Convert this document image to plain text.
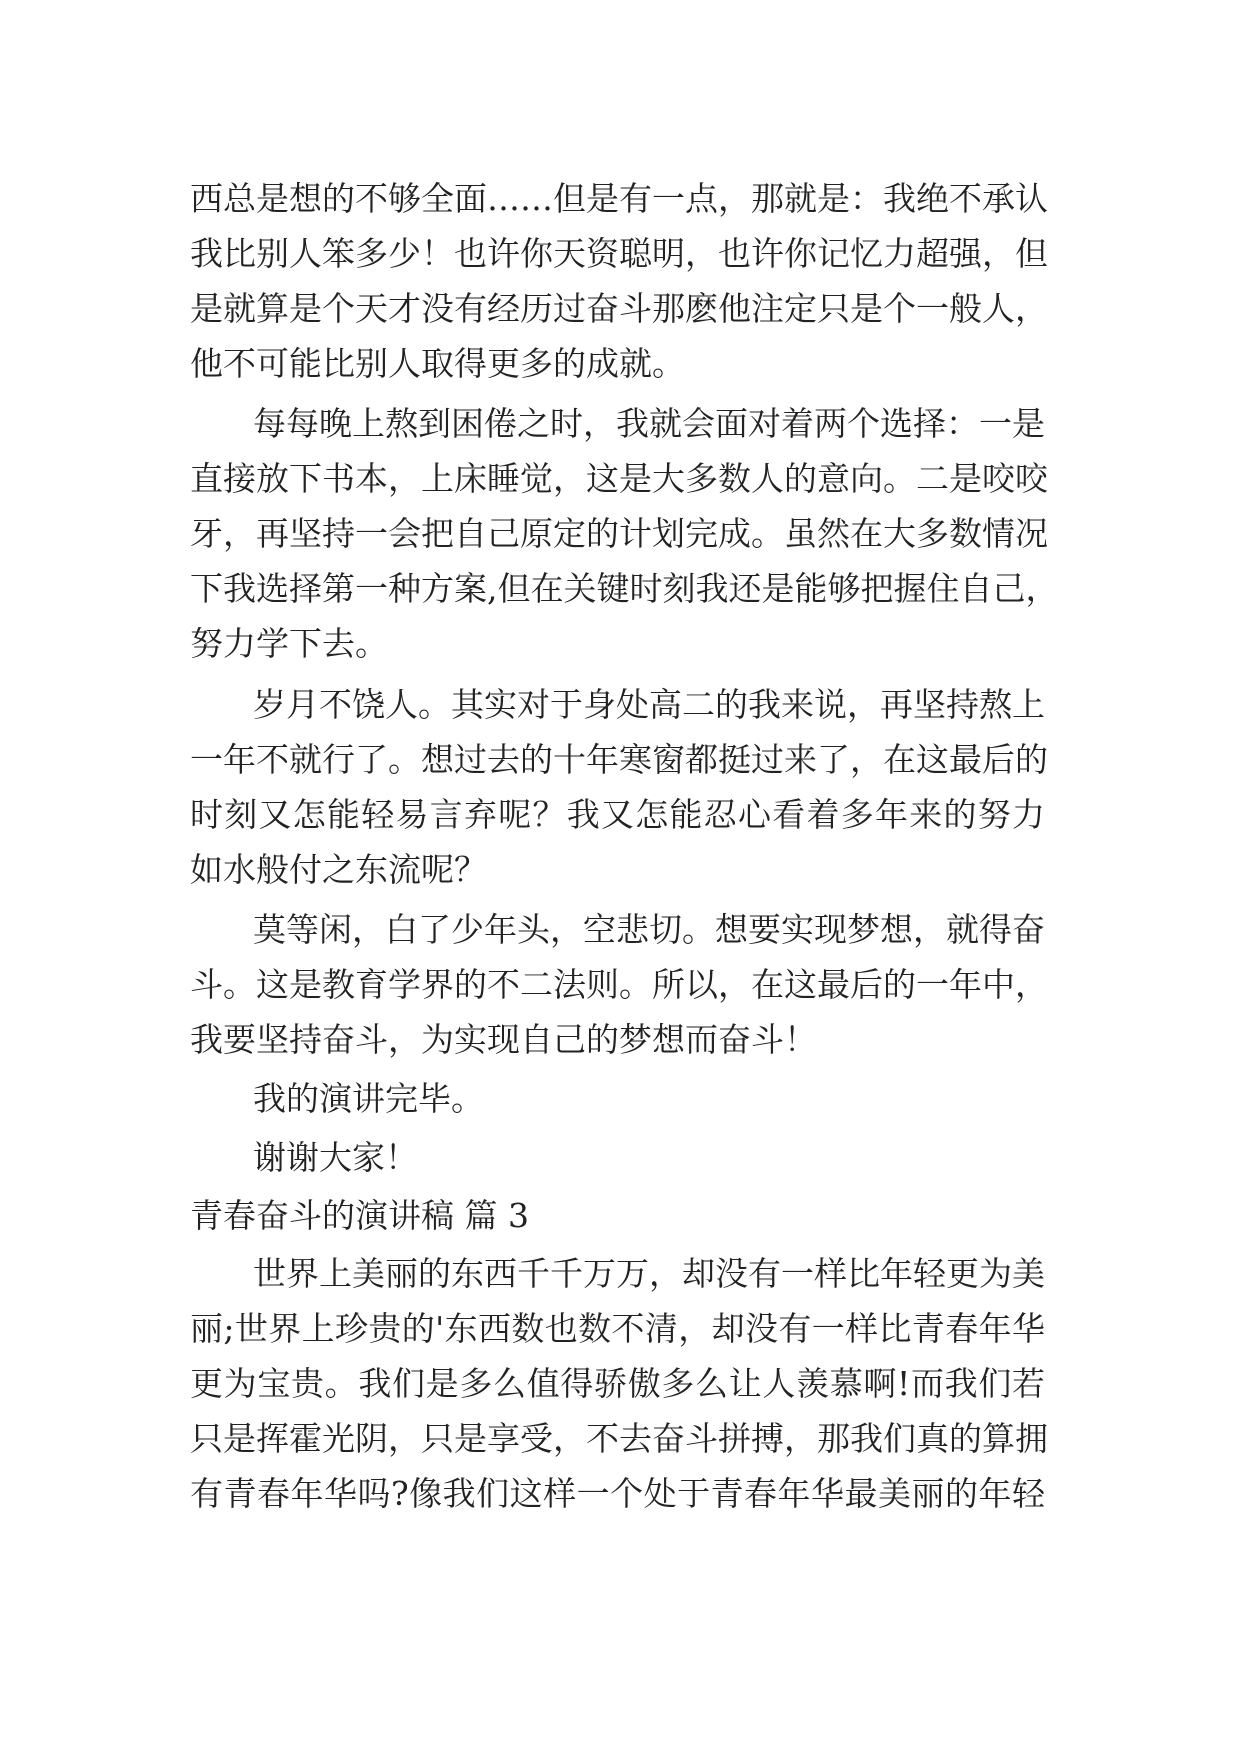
西总是想的不够全面……但是有一点，那就是：我绝不承认

我比别人笨多少！也许你天资聪明，也许你记忆力超强，但

是就算是个天才没有经历过奋斗那麽他注定只是个一般人，

他不可能比别人取得更多的成就。

每每晚上熬到困倦之时，我就会面对着两个选择：一是

直接放下书本，上床睡觉，这是大多数人的意向。二是咬咬

牙，再坚持一会把自己原定的计划完成。虽然在大多数情况

下我选择第一种方案,但在关键时刻我还是能够把握住自己，

努力学下去。

岁月不饶人。其实对于身处高二的我来说，再坚持熬上

一年不就行了。想过去的十年寒窗都挺过来了，在这最后的

时刻又怎能轻易言弃呢？我又怎能忍心看着多年来的努力

如水般付之东流呢？

莫等闲，白了少年头，空悲切。想要实现梦想，就得奋

斗。这是教育学界的不二法则。所以，在这最后的一年中，

我要坚持奋斗，为实现自己的梦想而奋斗！

我的演讲完毕。

谢谢大家！

青春奋斗的演讲稿 篇 3

世界上美丽的东西千千万万，却没有一样比年轻更为美

丽;世界上珍贵的'东西数也数不清，却没有一样比青春年华

更为宝贵。我们是多么值得骄傲多么让人羡慕啊!而我们若

只是挥霍光阴，只是享受，不去奋斗拼搏，那我们真的算拥

有青春年华吗?像我们这样一个处于青春年华最美丽的年轻
